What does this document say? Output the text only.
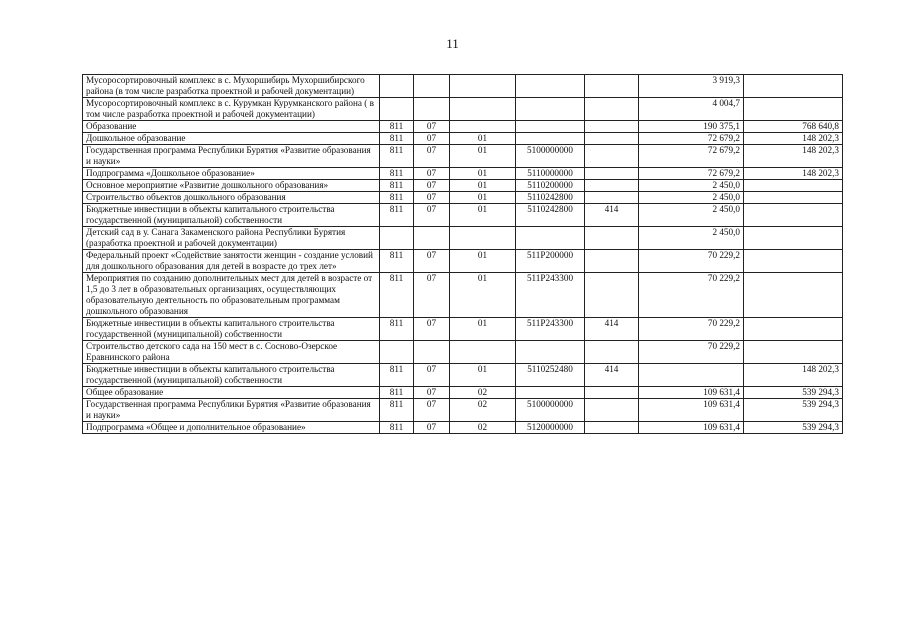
11
Мусоросортировочный комплекс в с. Мухоршибирь Мухоршибирского района (в том числе разработка проектной и рабочей документации)						3 919,3	
Мусоросортировочный комплекс в с. Курумкан Курумканского района ( в том числе разработка проектной и рабочей документации)						4 004,7	
Образование	811	07				190 375,1	768 640,8
Дошкольное образование	811	07	01			72 679,2	148 202,3
Государственная программа Республики Бурятия «Развитие образования и науки»	811	07	01	5100000000		72 679,2	148 202,3
Подпрограмма «Дошкольное образование»	811	07	01	5110000000		72 679,2	148 202,3
Основное мероприятие «Развитие дошкольного образования»	811	07	01	5110200000		2 450,0	
Строительство объектов дошкольного образования	811	07	01	5110242800		2 450,0	
Бюджетные инвестиции в объекты капитального строительства государственной (муниципальной) собственности	811	07	01	5110242800	414	2 450,0	
Детский сад в у. Санага Закаменского района Республики Бурятия (разработка проектной и рабочей документации)						2 450,0	
Федеральный проект «Содействие занятости женщин - создание условий для дошкольного образования для детей в возрасте до трех лет»	811	07	01	511P200000		70 229,2	
Мероприятия по созданию дополнительных мест для детей в возрасте от 1,5 до 3 лет в образовательных организациях, осуществляющих образовательную деятельность по образовательным программам дошкольного образования	811	07	01	511P243300		70 229,2	
Бюджетные инвестиции в объекты капитального строительства государственной (муниципальной) собственности	811	07	01	511P243300	414	70 229,2	
Строительство детского сада на 150 мест в с. Сосново-Озерское Еравнинского района						70 229,2	
Бюджетные инвестиции в объекты капитального строительства государственной (муниципальной) собственности	811	07	01	5110252480	414		148 202,3
Общее образование	811	07	02			109 631,4	539 294,3
Государственная программа Республики Бурятия «Развитие образования и науки»	811	07	02	5100000000		109 631,4	539 294,3
Подпрограмма «Общее и дополнительное образование»	811	07	02	5120000000		109 631,4	539 294,3
